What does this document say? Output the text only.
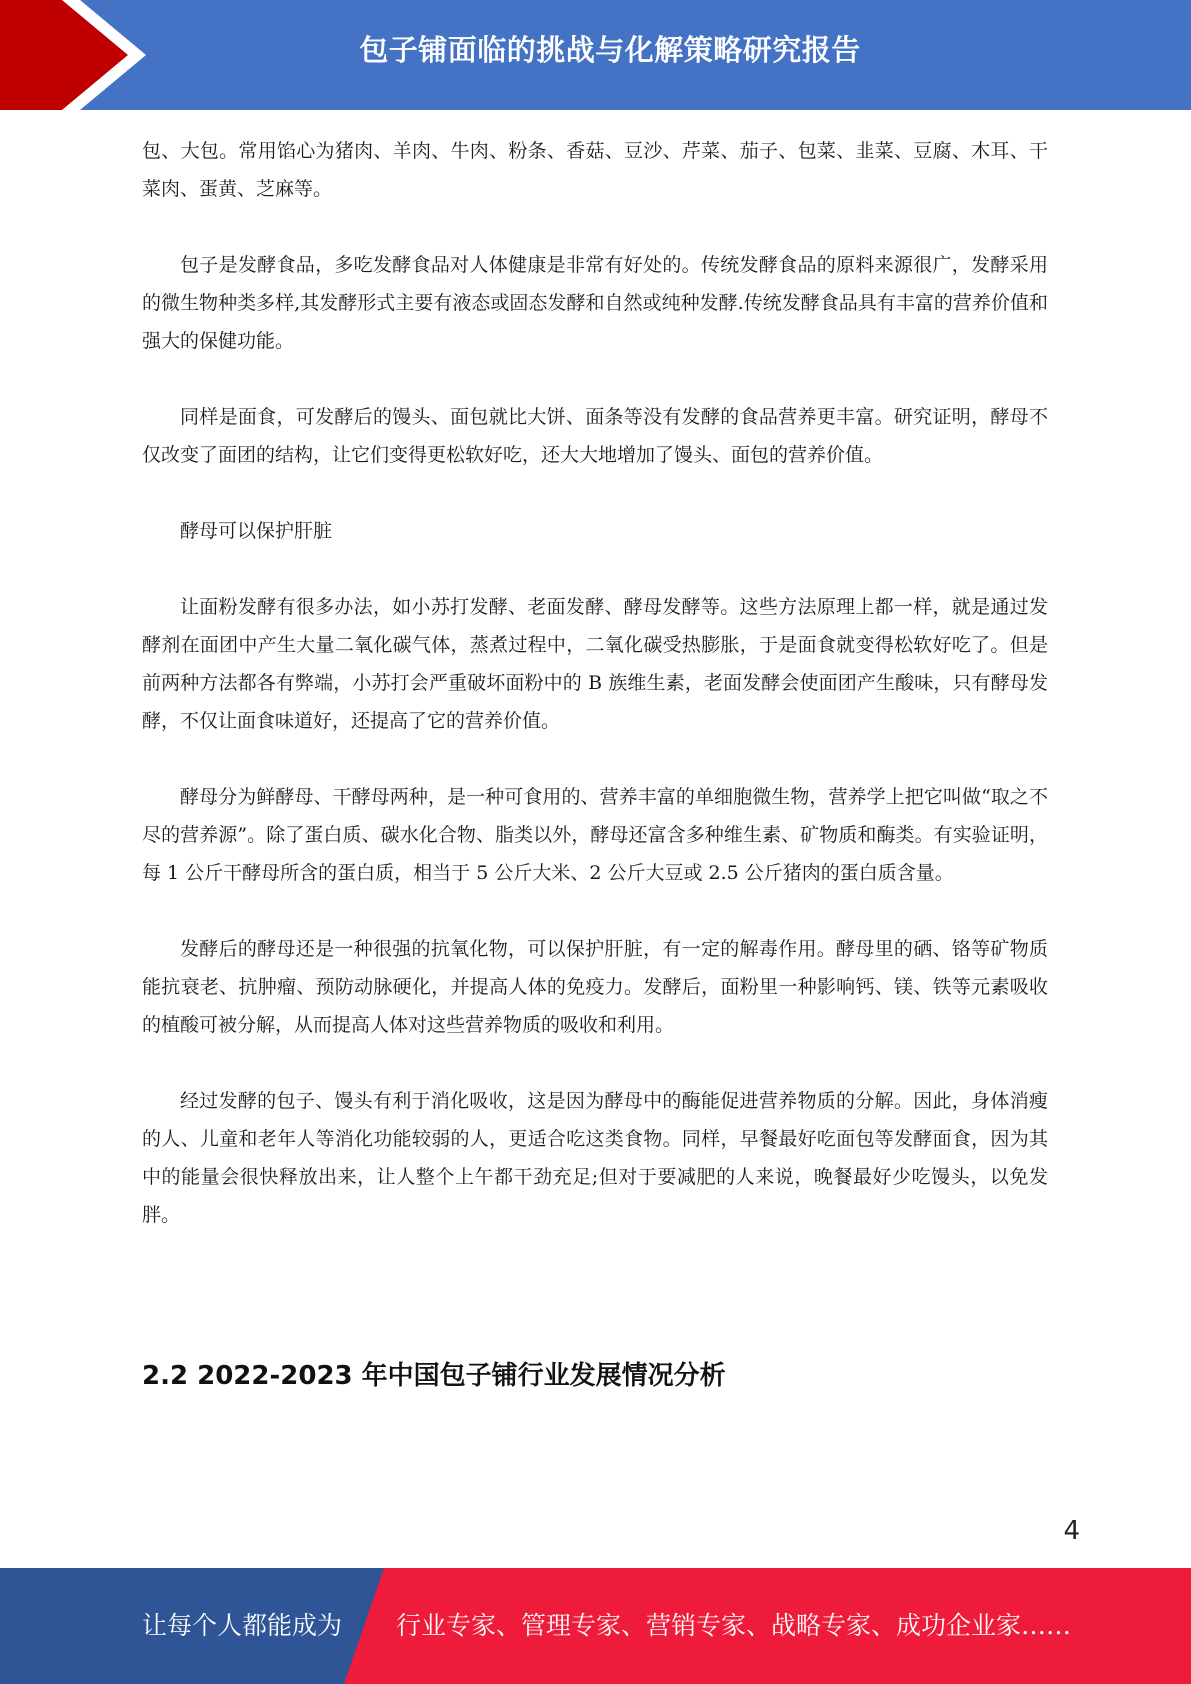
包子铺面临的挑战与化解策略研究报告

包、大包。常用馅心为猪肉、羊肉、牛肉、粉条、香菇、豆沙、芹菜、茄子、包菜、韭菜、豆腐、木耳、干菜肉、蛋黄、芝麻等。

包子是发酵食品，多吃发酵食品对人体健康是非常有好处的。传统发酵食品的原料来源很广，发酵采用的微生物种类多样,其发酵形式主要有液态或固态发酵和自然或纯种发酵.传统发酵食品具有丰富的营养价值和强大的保健功能。

同样是面食，可发酵后的馒头、面包就比大饼、面条等没有发酵的食品营养更丰富。研究证明，酵母不仅改变了面团的结构，让它们变得更松软好吃，还大大地增加了馒头、面包的营养价值。

酵母可以保护肝脏

让面粉发酵有很多办法，如小苏打发酵、老面发酵、酵母发酵等。这些方法原理上都一样，就是通过发酵剂在面团中产生大量二氧化碳气体，蒸煮过程中，二氧化碳受热膨胀，于是面食就变得松软好吃了。但是前两种方法都各有弊端，小苏打会严重破坏面粉中的 B 族维生素，老面发酵会使面团产生酸味，只有酵母发酵，不仅让面食味道好，还提高了它的营养价值。

酵母分为鲜酵母、干酵母两种，是一种可食用的、营养丰富的单细胞微生物，营养学上把它叫做“取之不尽的营养源”。除了蛋白质、碳水化合物、脂类以外，酵母还富含多种维生素、矿物质和酶类。有实验证明，每 1 公斤干酵母所含的蛋白质，相当于 5 公斤大米、2 公斤大豆或 2.5 公斤猪肉的蛋白质含量。

发酵后的酵母还是一种很强的抗氧化物，可以保护肝脏，有一定的解毒作用。酵母里的硒、铬等矿物质能抗衰老、抗肿瘤、预防动脉硬化，并提高人体的免疫力。发酵后，面粉里一种影响钙、镁、铁等元素吸收的植酸可被分解，从而提高人体对这些营养物质的吸收和利用。

经过发酵的包子、馒头有利于消化吸收，这是因为酵母中的酶能促进营养物质的分解。因此，身体消瘦的人、儿童和老年人等消化功能较弱的人，更适合吃这类食物。同样，早餐最好吃面包等发酵面食，因为其中的能量会很快释放出来，让人整个上午都干劲充足;但对于要减肥的人来说，晚餐最好少吃馒头，以免发胖。

2.2 2022-2023 年中国包子铺行业发展情况分析
4
让每个人都能成为 行业专家、管理专家、营销专家、战略专家、成功企业家……
